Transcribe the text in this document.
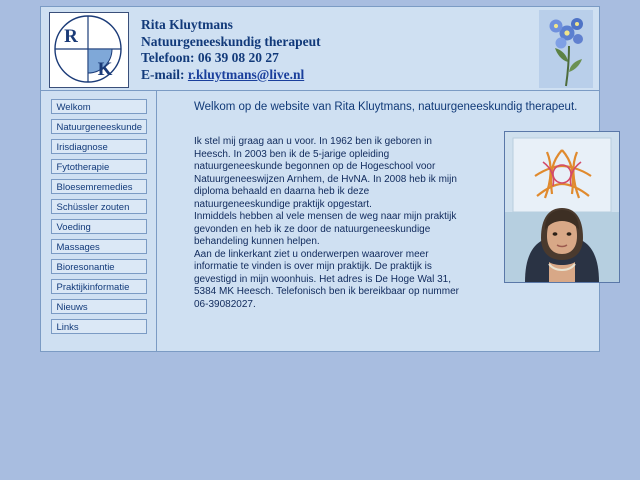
R
K
Rita Kluytmans
Natuurgeneeskundig therapeut
Telefoon: 06 39 08 20 27
E-mail: r.kluytmans@live.nl
Welkom
Natuurgeneeskunde
Irisdiagnose
Fytotherapie
Bloesemremedies
Schüssler zouten
Voeding
Massages
Bioresonantie
Praktijkinformatie
Nieuws
Links
Welkom op de website van Rita Kluytmans, natuurgeneeskundig therapeut.

Ik stel mij graag aan u voor. In 1962 ben ik geboren in Heesch. In 2003 ben ik de 5-jarige opleiding natuurgeneeskunde begonnen op de Hogeschool voor Natuurgeneeswijzen Arnhem, de HvNA. In 2008 heb ik mijn diploma behaald en daarna heb ik deze natuurgeneeskundige praktijk opgestart.

Inmiddels hebben al vele mensen de weg naar mijn praktijk gevonden en heb ik ze door de natuurgeneeskundige behandeling kunnen helpen.

Aan de linkerkant ziet u onderwerpen waarover meer informatie te vinden is over mijn praktijk. De praktijk is gevestigd in mijn woonhuis. Het adres is De Hoge Wal 31, 5384 MK Heesch. Telefonisch ben ik bereikbaar op nummer 06-39082027.
